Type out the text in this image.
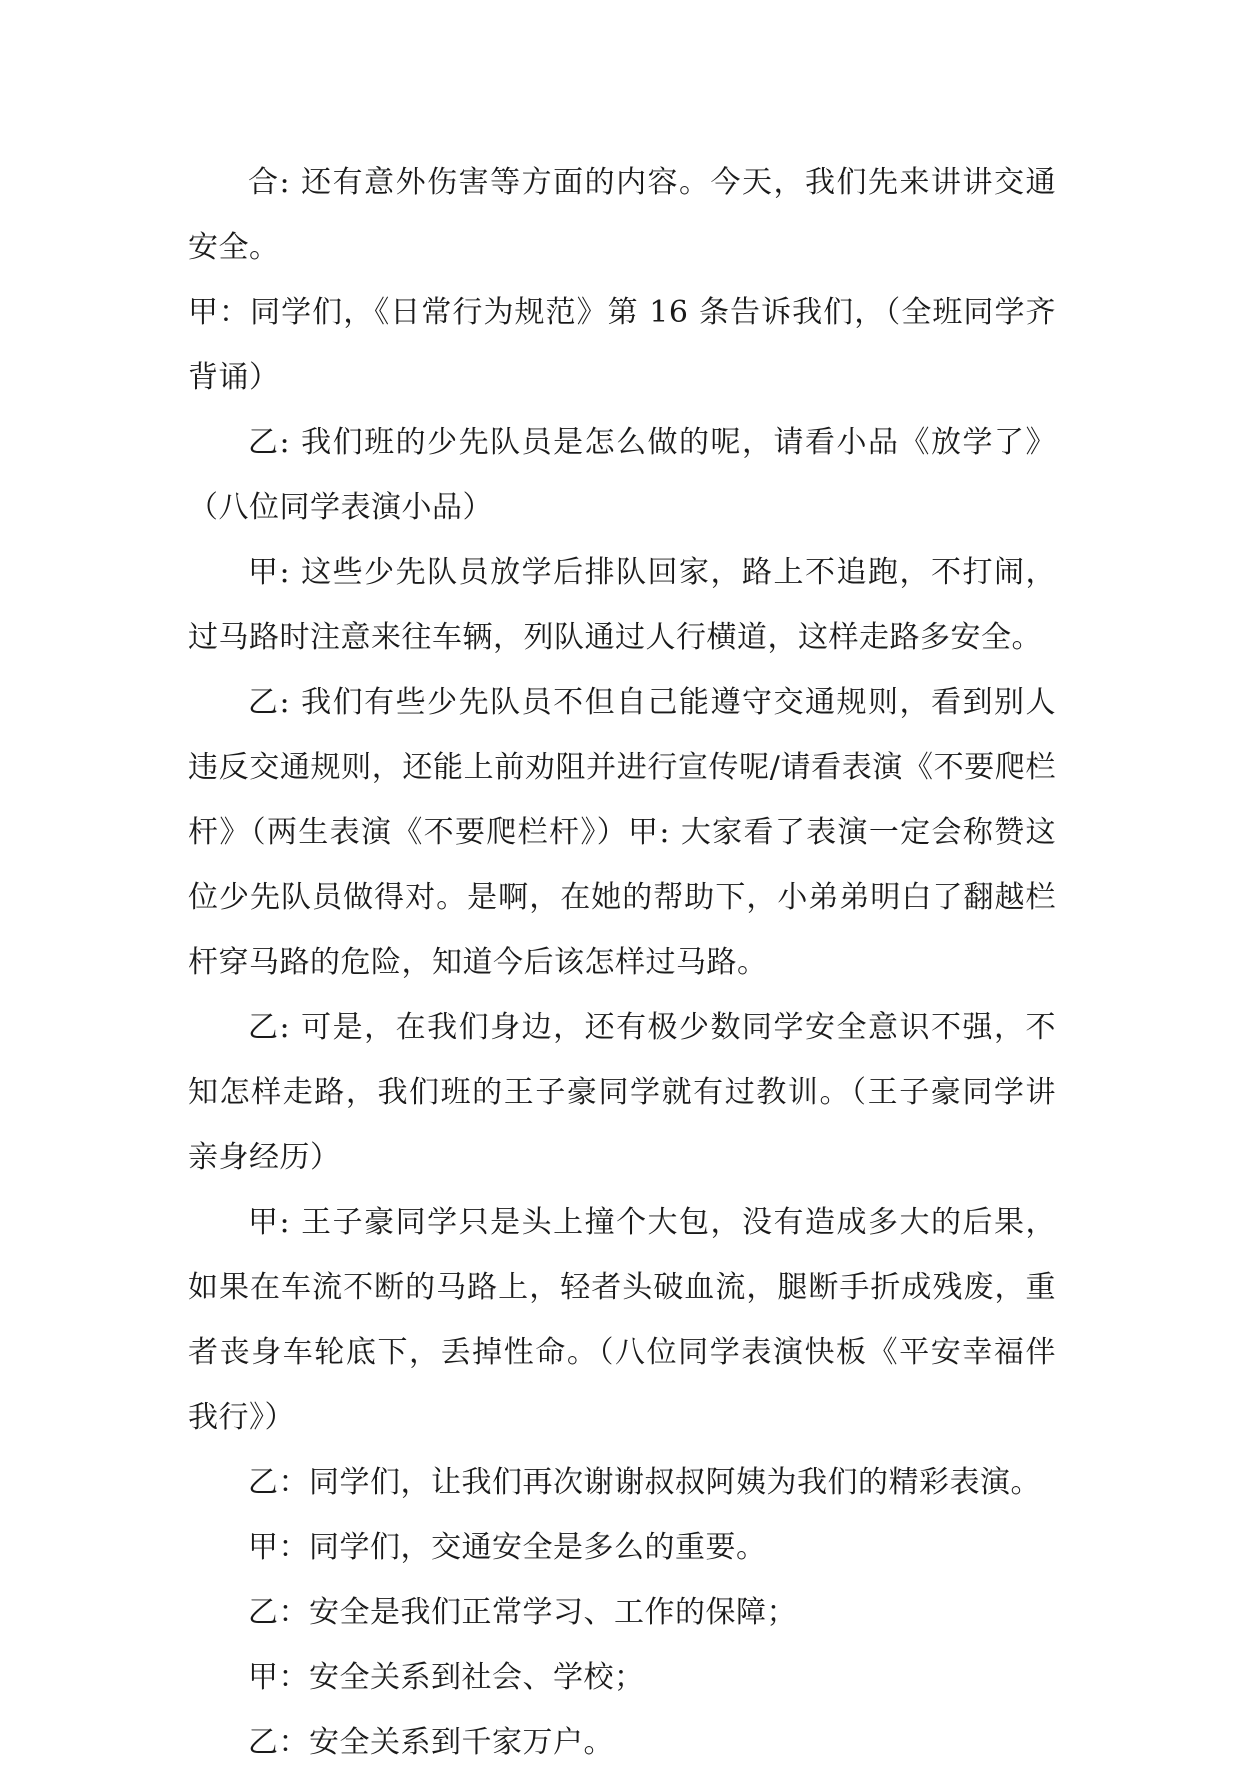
合: 还有意外伤害等方面的内容。今天，我们先来讲讲交通安全。

甲：同学们，《日常行为规范》第 16 条告诉我们，（全班同学齐背诵）

乙: 我们班的少先队员是怎么做的呢，请看小品《放学了》（八位同学表演小品）

甲: 这些少先队员放学后排队回家，路上不追跑，不打闹，过马路时注意来往车辆，列队通过人行横道，这样走路多安全。

乙: 我们有些少先队员不但自己能遵守交通规则，看到别人违反交通规则，还能上前劝阻并进行宣传呢/请看表演《不要爬栏杆》（两生表演《不要爬栏杆》）甲: 大家看了表演一定会称赞这位少先队员做得对。是啊，在她的帮助下，小弟弟明白了翻越栏杆穿马路的危险，知道今后该怎样过马路。

乙: 可是，在我们身边，还有极少数同学安全意识不强，不知怎样走路，我们班的王子豪同学就有过教训。（王子豪同学讲亲身经历）

甲: 王子豪同学只是头上撞个大包，没有造成多大的后果，如果在车流不断的马路上，轻者头破血流，腿断手折成残废，重者丧身车轮底下，丢掉性命。（八位同学表演快板《平安幸福伴我行》）

乙：同学们，让我们再次谢谢叔叔阿姨为我们的精彩表演。

甲：同学们，交通安全是多么的重要。

乙：安全是我们正常学习、工作的保障；

甲：安全关系到社会、学校；

乙：安全关系到千家万户。
